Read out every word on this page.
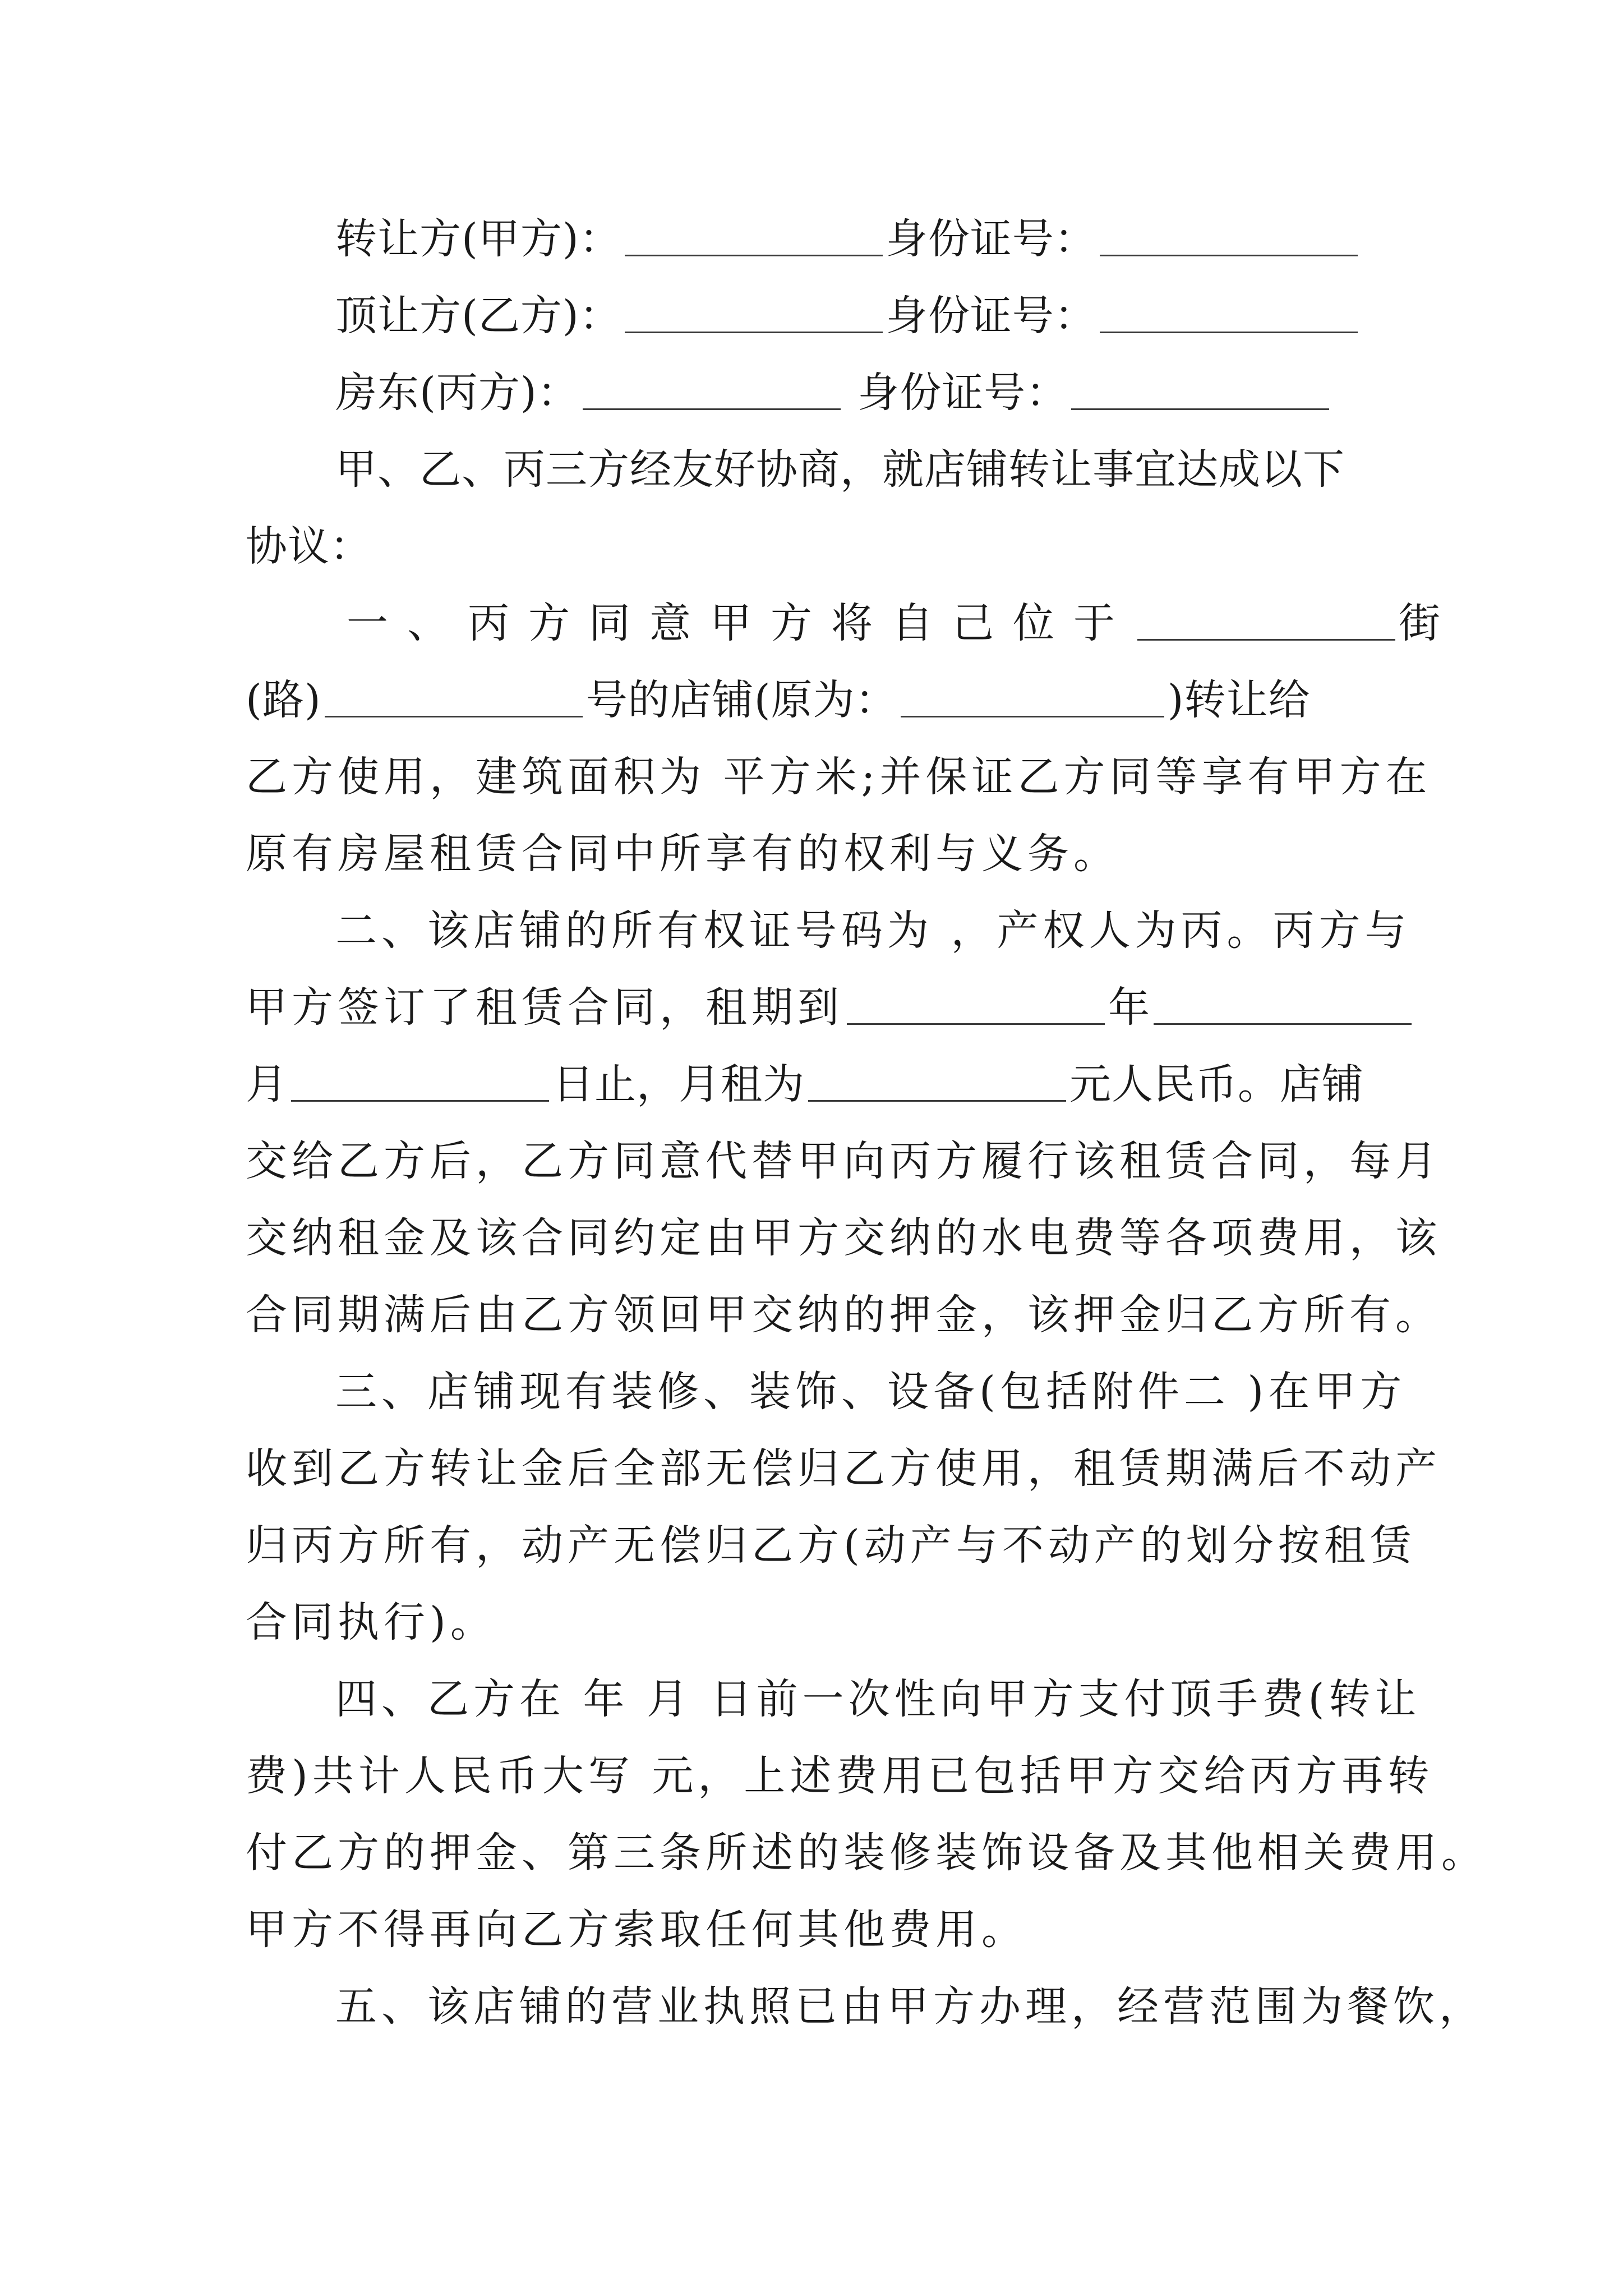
转让方(甲方)：	身份证号：
顶让方(乙方)：	身份证号：
房东(丙方)：	身份证号：
甲、乙、丙三方经友好协商，就店铺转让事宜达成以下
协议：
一、丙方同意甲方将自己位于	街
(路)	号的店铺(原为：	)转让给
乙方使用，建筑面积为 平方米;并保证乙方同等享有甲方在
原有房屋租赁合同中所享有的权利与义务。
二、该店铺的所有权证号码为 ，产权人为丙。丙方与
甲方签订了租赁合同，租期到	年
月	日止，月租为	元人民币。店铺
交给乙方后，乙方同意代替甲向丙方履行该租赁合同，每月
交纳租金及该合同约定由甲方交纳的水电费等各项费用，该
合同期满后由乙方领回甲交纳的押金，该押金归乙方所有。
三、店铺现有装修、装饰、设备(包括附件二 )在甲方
收到乙方转让金后全部无偿归乙方使用，租赁期满后不动产
归丙方所有，动产无偿归乙方(动产与不动产的划分按租赁
合同执行)。
四、乙方在 年 月 日前一次性向甲方支付顶手费(转让
费)共计人民币大写 元，上述费用已包括甲方交给丙方再转
付乙方的押金、第三条所述的装修装饰设备及其他相关费用。
甲方不得再向乙方索取任何其他费用。
五、该店铺的营业执照已由甲方办理，经营范围为餐饮，
